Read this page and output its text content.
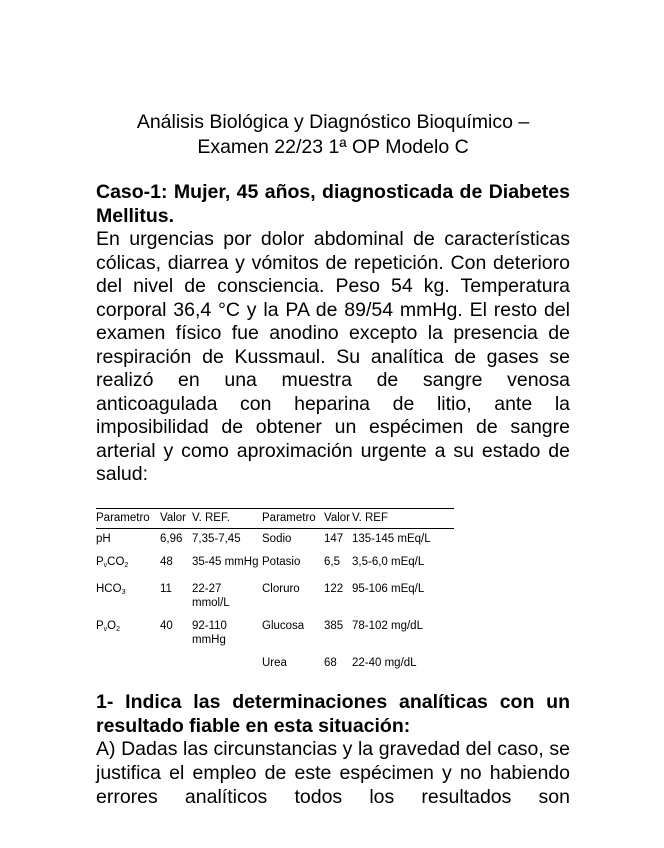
Análisis Biológica y Diagnóstico Bioquímico –
Examen 22/23 1ª OP Modelo C
Caso-1: Mujer, 45 años, diagnosticada de Diabetes Mellitus.
En urgencias por dolor abdominal de características cólicas, diarrea y vómitos de repetición. Con deterioro del nivel de consciencia. Peso 54 kg. Temperatura corporal 36,4 °C y la PA de 89/54 mmHg. El resto del examen físico fue anodino excepto la presencia de respiración de Kussmaul. Su analítica de gases se realizó en una muestra de sangre venosa anticoagulada con heparina de litio, ante la imposibilidad de obtener un espécimen de sangre arterial y como aproximación urgente a su estado de salud:
Parametro	Valor	V. REF.	Parametro	Valor	V. REF
pH	6,96	7,35-7,45	Sodio	147	135-145 mEq/L
$P_vCO_2$	48	35-45 mmHg	Potasio	6,5	3,5-6,0 mEq/L
$HCO_3$	11	22-27 mmol/L	Cloruro	122	95-106 mEq/L
$P_vO_2$	40	92-110 mmHg	Glucosa	385	78-102 mg/dL
			Urea	68	22-40 mg/dL
1- Indica las determinaciones analíticas con un resultado fiable en esta situación:
A) Dadas las circunstancias y la gravedad del caso, se justifica el empleo de este espécimen y no habiendo errores analíticos todos los resultados son
